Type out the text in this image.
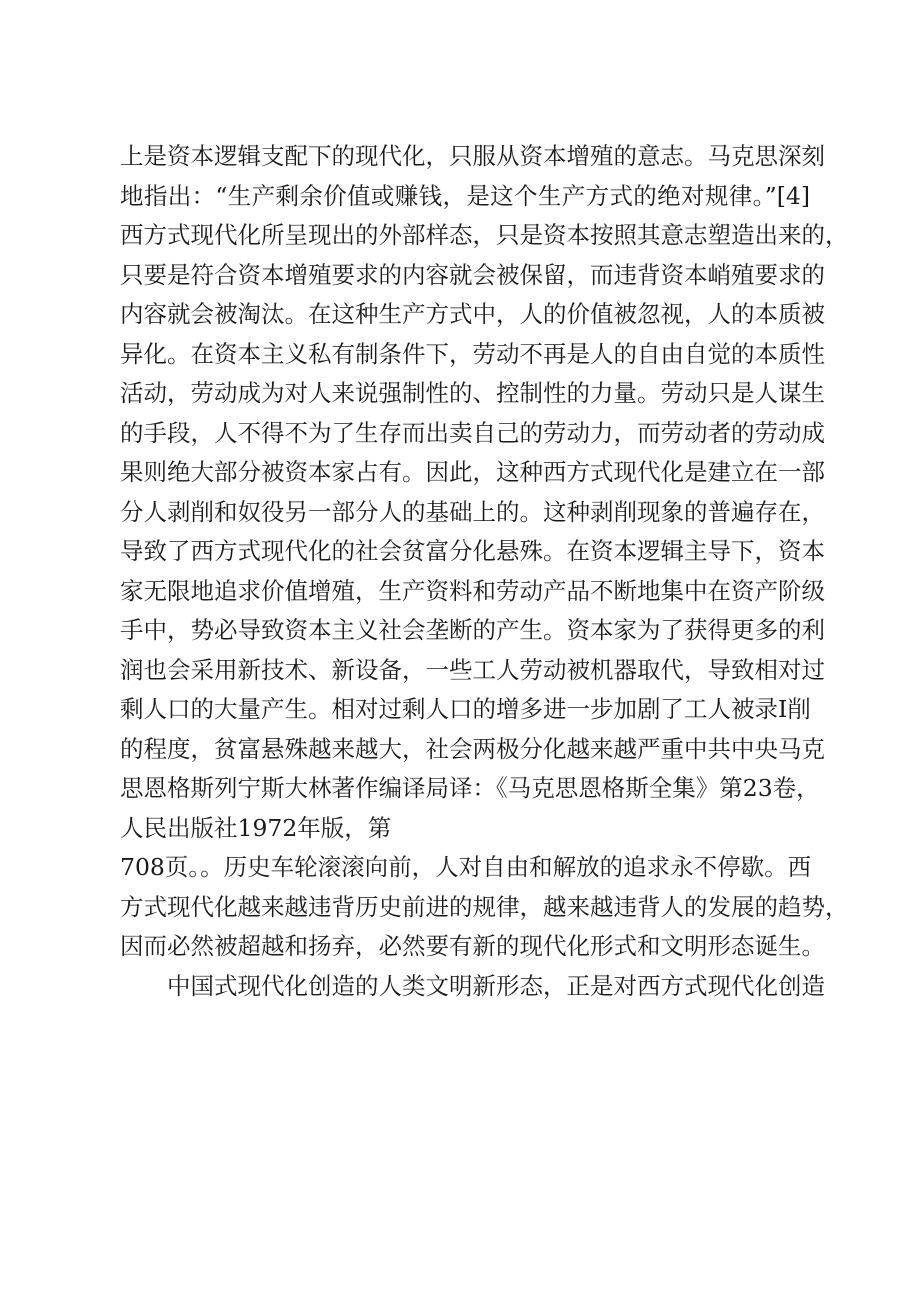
上是资本逻辑支配下的现代化，只服从资本增殖的意志。马克思深刻
地指出：“生产剩余价值或赚钱，是这个生产方式的绝对规律。”[4]
西方式现代化所呈现出的外部样态，只是资本按照其意志塑造出来的，
只要是符合资本增殖要求的内容就会被保留，而违背资本峭殖要求的
内容就会被淘汰。在这种生产方式中，人的价值被忽视，人的本质被
异化。在资本主义私有制条件下，劳动不再是人的自由自觉的本质性
活动，劳动成为对人来说强制性的、控制性的力量。劳动只是人谋生
的手段，人不得不为了生存而出卖自己的劳动力，而劳动者的劳动成
果则绝大部分被资本家占有。因此，这种西方式现代化是建立在一部
分人剥削和奴役另一部分人的基础上的。这种剥削现象的普遍存在，
导致了西方式现代化的社会贫富分化悬殊。在资本逻辑主导下，资本
家无限地追求价值增殖，生产资料和劳动产品不断地集中在资产阶级
手中，势必导致资本主义社会垄断的产生。资本家为了获得更多的利
润也会采用新技术、新设备，一些工人劳动被机器取代，导致相对过
剩人口的大量产生。相对过剩人口的增多进一步加剧了工人被录I削
的程度，贫富悬殊越来越大，社会两极分化越来越严重中共中央马克
思恩格斯列宁斯大林著作编译局译：《马克思恩格斯全集》第23卷，
人民出版社1972年版，第
708页。。历史车轮滚滚向前，人对自由和解放的追求永不停歇。西
方式现代化越来越违背历史前进的规律，越来越违背人的发展的趋势，
因而必然被超越和扬弃，必然要有新的现代化形式和文明形态诞生。
中国式现代化创造的人类文明新形态，正是对西方式现代化创造
